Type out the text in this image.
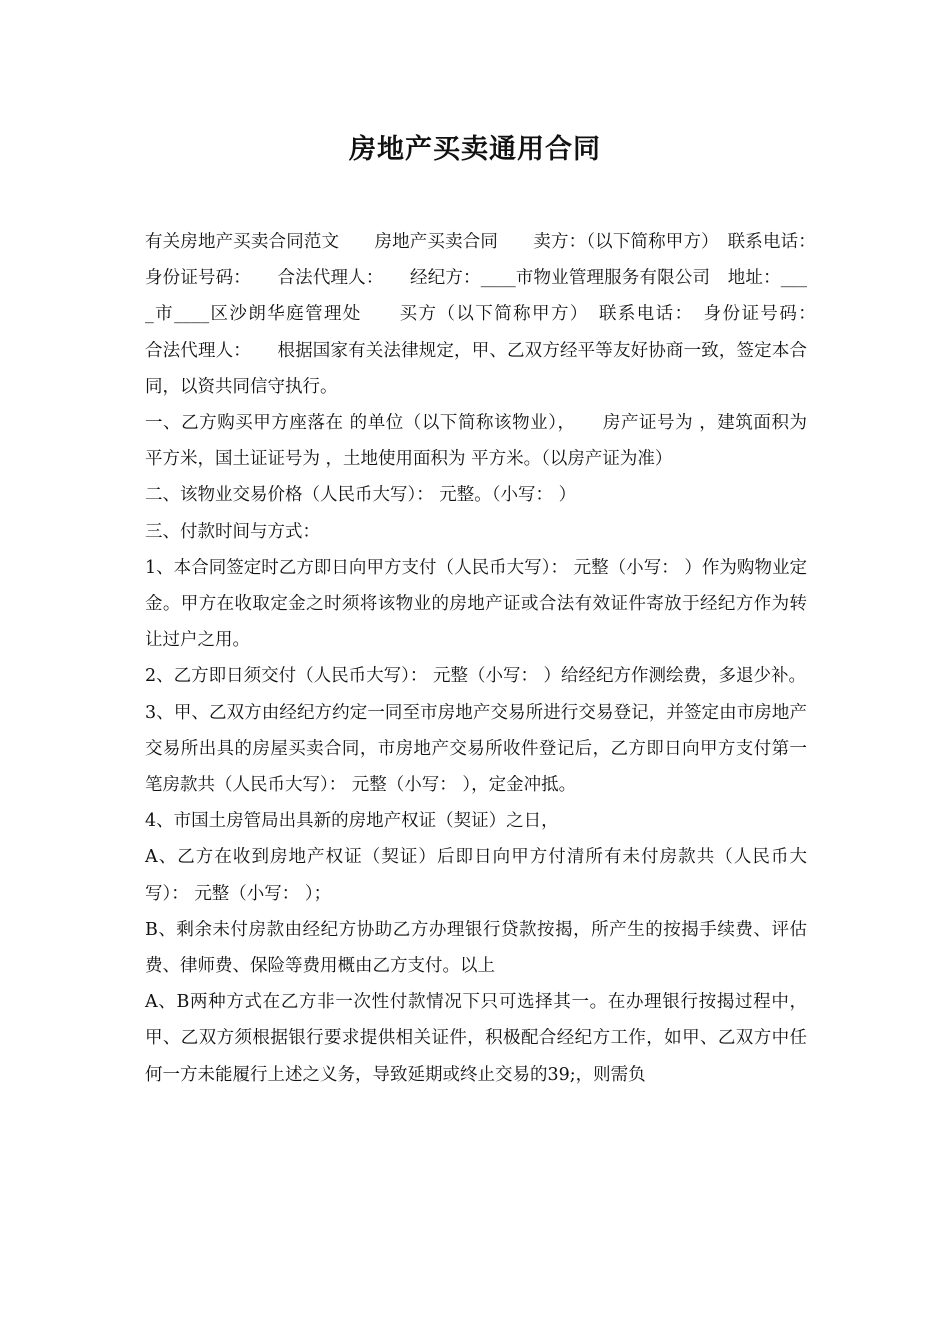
房地产买卖通用合同

有关房地产买卖合同范文　　房地产买卖合同　　卖方：（以下简称甲方）　联系电话：　身份证号码：　　合法代理人：　　经纪方：____市物业管理服务有限公司　地址：____市____区沙朗华庭管理处　　买方（以下简称甲方）　联系电话：　身份证号码：　　合法代理人：　　根据国家有关法律规定，甲、乙双方经平等友好协商一致，签定本合同，以资共同信守执行。

一、乙方购买甲方座落在 的单位（以下简称该物业），　　房产证号为 ，建筑面积为 平方米，国土证证号为 ，土地使用面积为 平方米。（以房产证为准）

二、该物业交易价格（人民币大写）： 元整。（小写： ）

三、付款时间与方式：

1、本合同签定时乙方即日向甲方支付（人民币大写）： 元整（小写： ）作为购物业定金。甲方在收取定金之时须将该物业的房地产证或合法有效证件寄放于经纪方作为转让过户之用。

2、乙方即日须交付（人民币大写）： 元整（小写： ）给经纪方作测绘费，多退少补。

3、甲、乙双方由经纪方约定一同至市房地产交易所进行交易登记，并签定由市房地产交易所出具的房屋买卖合同，市房地产交易所收件登记后，乙方即日向甲方支付第一笔房款共（人民币大写）： 元整（小写： ），定金冲抵。

4、市国土房管局出具新的房地产权证（契证）之日，

A、乙方在收到房地产权证（契证）后即日向甲方付清所有未付房款共（人民币大写）： 元整（小写： ）；

B、剩余未付房款由经纪方协助乙方办理银行贷款按揭，所产生的按揭手续费、评估费、律师费、保险等费用概由乙方支付。以上

A、B两种方式在乙方非一次性付款情况下只可选择其一。在办理银行按揭过程中，甲、乙双方须根据银行要求提供相关证件，积极配合经纪方工作，如甲、乙双方中任何一方未能履行上述之义务，导致延期或终止交易的39;，则需负
